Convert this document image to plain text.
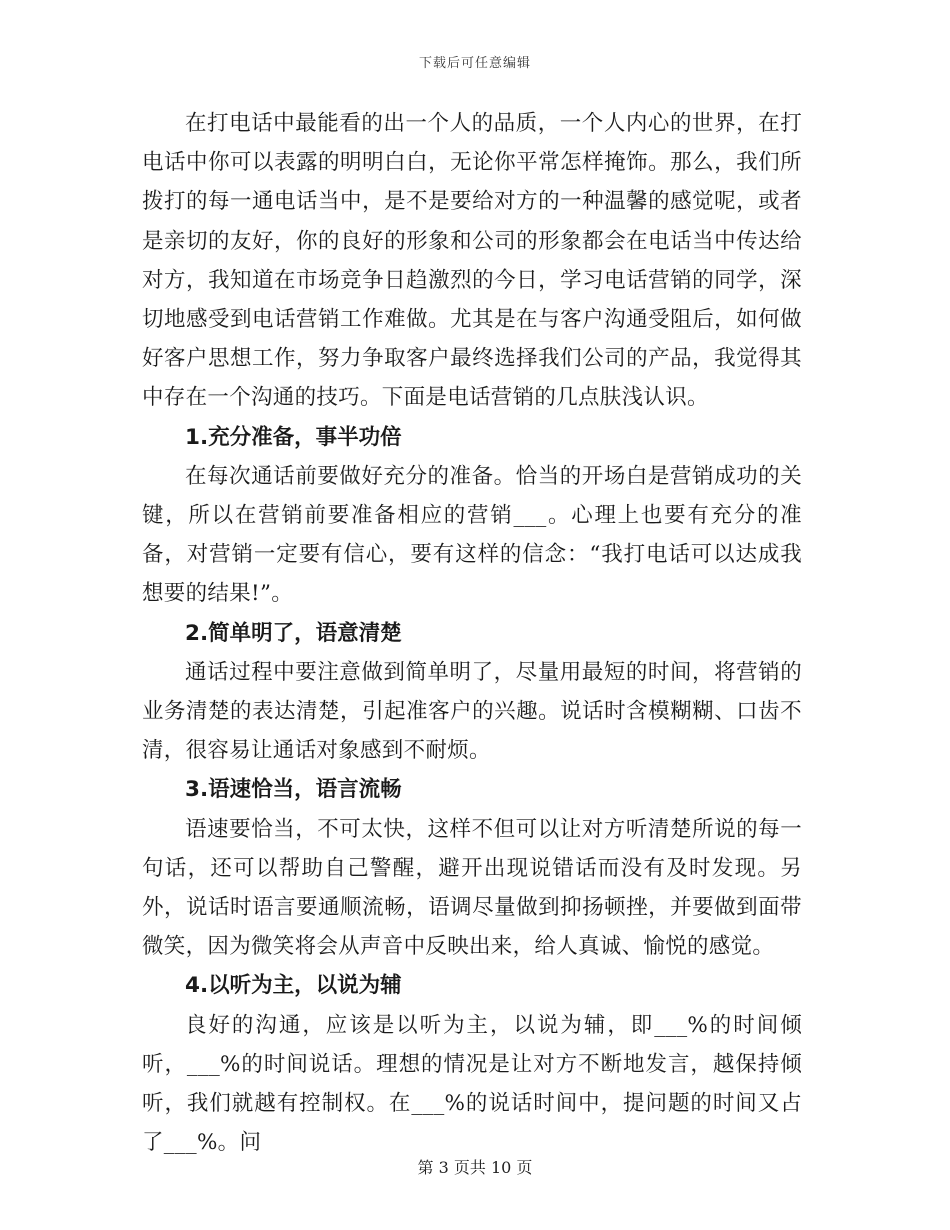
下载后可任意编辑

在打电话中最能看的出一个人的品质，一个人内心的世界，在打电话中你可以表露的明明白白，无论你平常怎样掩饰。那么，我们所拨打的每一通电话当中，是不是要给对方的一种温馨的感觉呢，或者是亲切的友好，你的良好的形象和公司的形象都会在电话当中传达给对方，我知道在市场竞争日趋激烈的今日，学习电话营销的同学，深切地感受到电话营销工作难做。尤其是在与客户沟通受阻后，如何做好客户思想工作，努力争取客户最终选择我们公司的产品，我觉得其中存在一个沟通的技巧。下面是电话营销的几点肤浅认识。

1.充分准备，事半功倍

在每次通话前要做好充分的准备。恰当的开场白是营销成功的关键，所以在营销前要准备相应的营销___。心理上也要有充分的准备，对营销一定要有信心，要有这样的信念：“我打电话可以达成我想要的结果!”。

2.简单明了，语意清楚

通话过程中要注意做到简单明了，尽量用最短的时间，将营销的业务清楚的表达清楚，引起准客户的兴趣。说话时含模糊糊、口齿不清，很容易让通话对象感到不耐烦。

3.语速恰当，语言流畅

语速要恰当，不可太快，这样不但可以让对方听清楚所说的每一句话，还可以帮助自己警醒，避开出现说错话而没有及时发现。另外，说话时语言要通顺流畅，语调尽量做到抑扬顿挫，并要做到面带微笑，因为微笑将会从声音中反映出来，给人真诚、愉悦的感觉。

4.以听为主，以说为辅

良好的沟通，应该是以听为主，以说为辅，即___%的时间倾听，___%的时间说话。理想的情况是让对方不断地发言，越保持倾听，我们就越有控制权。在___%的说话时间中，提问题的时间又占了___%。问

第 3 页共 10 页
